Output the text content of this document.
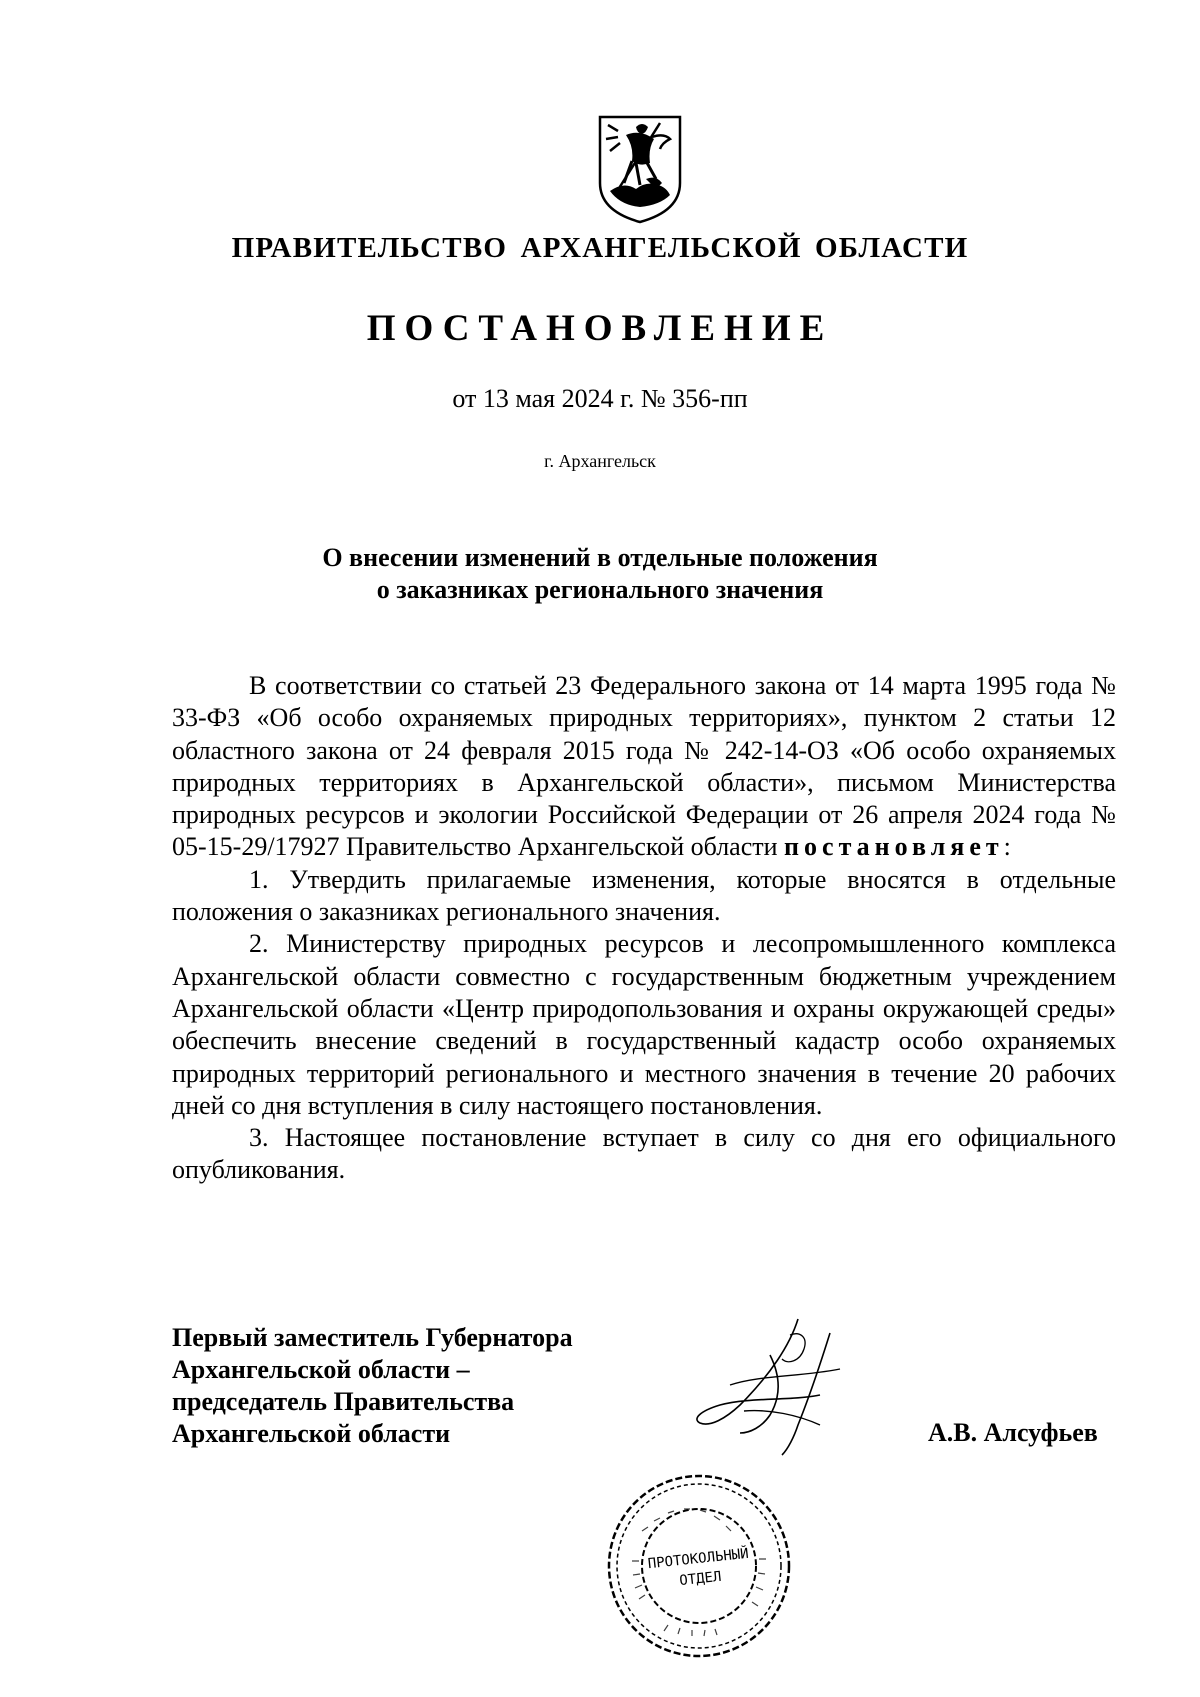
ПРАВИТЕЛЬСТВО АРХАНГЕЛЬСКОЙ ОБЛАСТИ
ПОСТАНОВЛЕНИЕ
от 13 мая 2024 г. № 356-пп
г. Архангельск
О внесении изменений в отдельные положения
о заказниках регионального значения

В соответствии со статьей 23 Федерального закона от 14 марта 1995 года № 33-ФЗ «Об особо охраняемых природных территориях», пунктом 2 статьи 12 областного закона от 24 февраля 2015 года № 242-14-ОЗ «Об особо охраняемых природных территориях в Архангельской области», письмом Министерства природных ресурсов и экологии Российской Федерации от 26 апреля 2024 года № 05-15-29/17927 Правительство Архангельской области постановляет:

1. Утвердить прилагаемые изменения, которые вносятся в отдельные положения о заказниках регионального значения.

2. Министерству природных ресурсов и лесопромышленного комплекса Архангельской области совместно с государственным бюджетным учреждением Архангельской области «Центр природопользования и охраны окружающей среды» обеспечить внесение сведений в государственный кадастр особо охраняемых природных территорий регионального и местного значения в течение 20 рабочих дней со дня вступления в силу настоящего постановления.

3. Настоящее постановление вступает в силу со дня его официального опубликования.

Первый заместитель Губернатора
Архангельской области –
председатель Правительства
Архангельской области	А.В. Алсуфьев
ПРОТОКОЛЬНЫЙ
ОТДЕЛ
